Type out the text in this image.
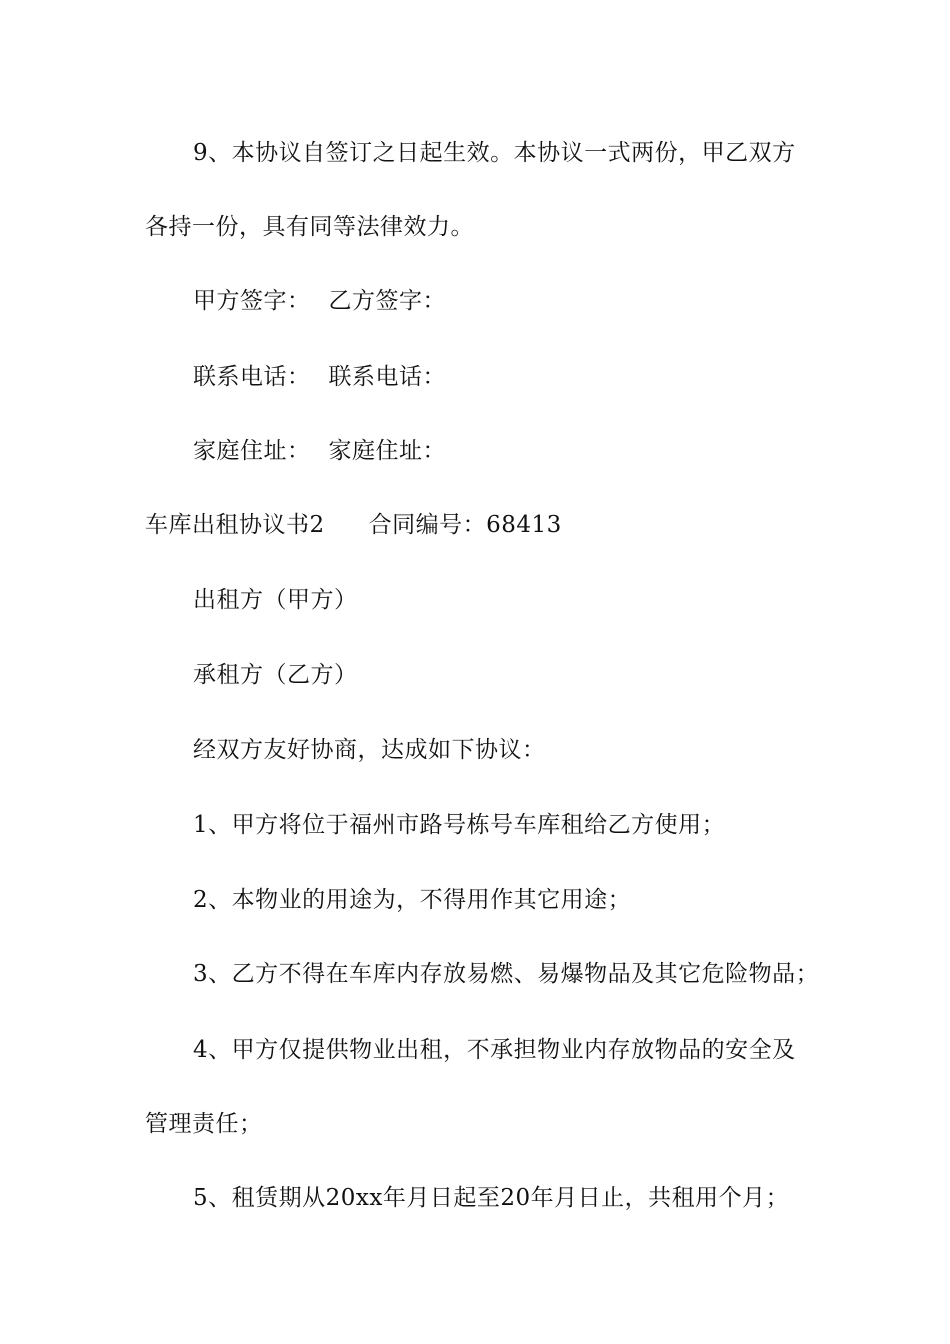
9、本协议自签订之日起生效。本协议一式两份，甲乙双方
各持一份，具有同等法律效力。
甲方签字： 乙方签字：
联系电话： 联系电话：
家庭住址： 家庭住址：
车库出租协议书2 合同编号：68413
出租方（甲方）
承租方（乙方）
经双方友好协商，达成如下协议：
1、甲方将位于福州市路号栋号车库租给乙方使用；
2、本物业的用途为，不得用作其它用途；
3、乙方不得在车库内存放易燃、易爆物品及其它危险物品；
4、甲方仅提供物业出租，不承担物业内存放物品的安全及
管理责任；
5、租赁期从20xx年月日起至20年月日止，共租用个月；
